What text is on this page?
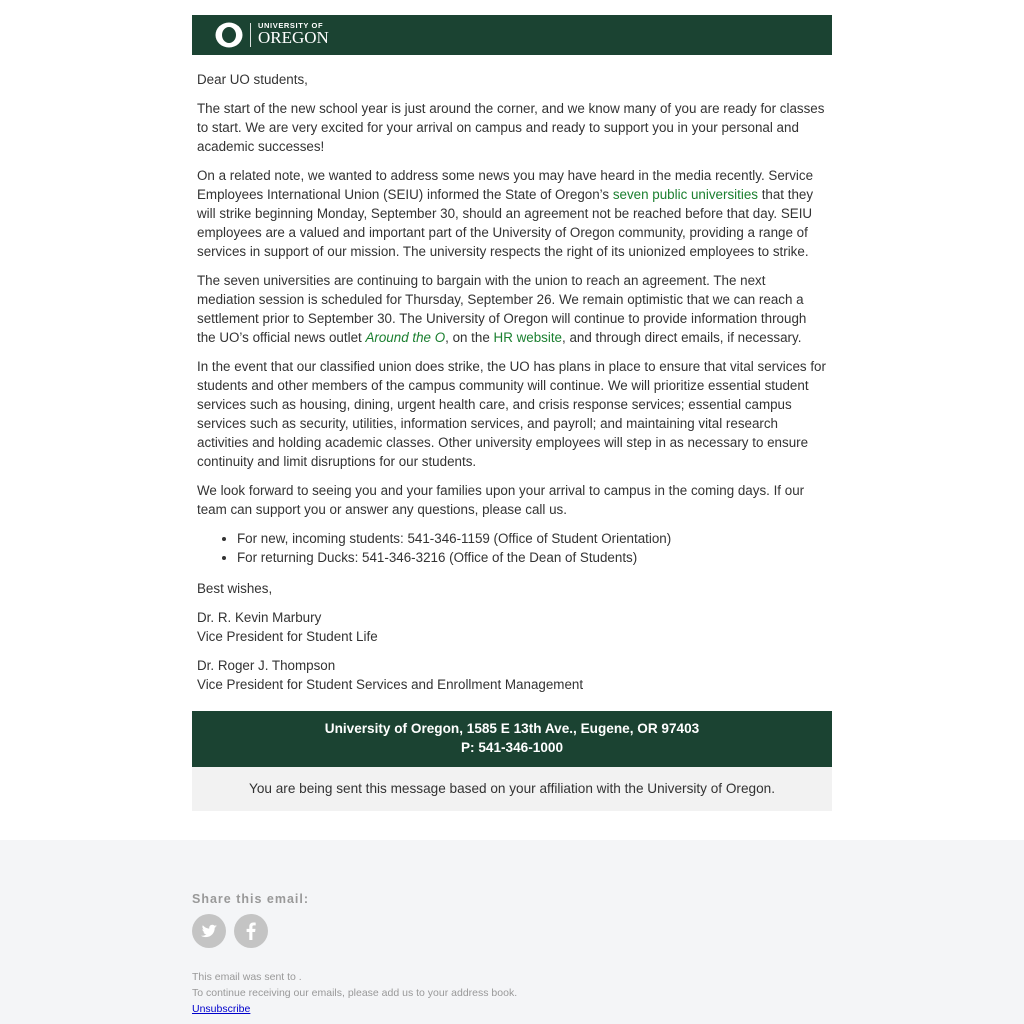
UNIVERSITY OF
OREGON

Dear UO students,

The start of the new school year is just around the corner, and we know many of you are ready for classes to start. We are very excited for your arrival on campus and ready to support you in your personal and academic successes!

On a related note, we wanted to address some news you may have heard in the media recently. Service Employees International Union (SEIU) informed the State of Oregon’s seven public universities that they will strike beginning Monday, September 30, should an agreement not be reached before that day. SEIU employees are a valued and important part of the University of Oregon community, providing a range of services in support of our mission. The university respects the right of its unionized employees to strike.

The seven universities are continuing to bargain with the union to reach an agreement. The next mediation session is scheduled for Thursday, September 26. We remain optimistic that we can reach a settlement prior to September 30. The University of Oregon will continue to provide information through the UO’s official news outlet Around the O, on the HR website, and through direct emails, if necessary.

In the event that our classified union does strike, the UO has plans in place to ensure that vital services for students and other members of the campus community will continue. We will prioritize essential student services such as housing, dining, urgent health care, and crisis response services; essential campus services such as security, utilities, information services, and payroll; and maintaining vital research activities and holding academic classes. Other university employees will step in as necessary to ensure continuity and limit disruptions for our students.

We look forward to seeing you and your families upon your arrival to campus in the coming days. If our team can support you or answer any questions, please call us.

• For new, incoming students: 541-346-1159 (Office of Student Orientation)
• For returning Ducks: 541-346-3216 (Office of the Dean of Students)

Best wishes,

Dr. R. Kevin Marbury
Vice President for Student Life
Dr. Roger J. Thompson
Vice President for Student Services and Enrollment Management
University of Oregon, 1585 E 13th Ave., Eugene, OR 97403
P: 541-346-1000
You are being sent this message based on your affiliation with the University of Oregon.
Share this email:
This email was sent to .
To continue receiving our emails, please add us to your address book.
Unsubscribe
